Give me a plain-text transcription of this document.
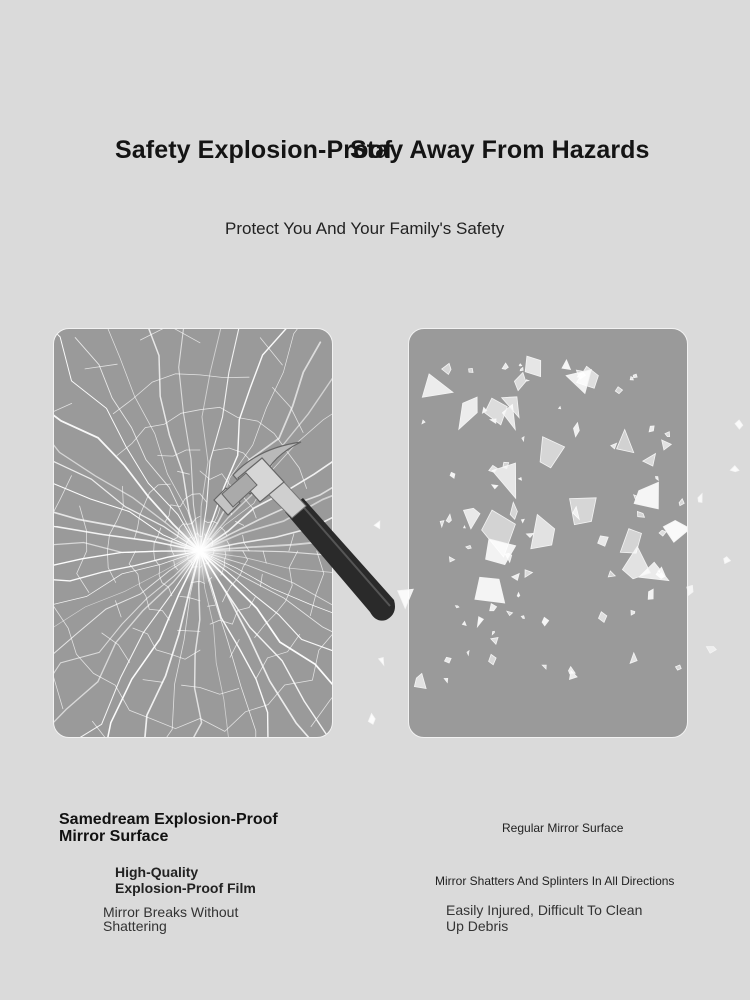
Safety Explosion-Proof
Stay Away From Hazards
Protect You And Your Family's Safety
Samedream Explosion-Proof
Mirror Surface
High-Quality
Explosion-Proof Film
Mirror Breaks Without
Shattering
Regular Mirror Surface
Mirror Shatters And Splinters In All Directions
Easily Injured, Difficult To Clean
Up Debris
